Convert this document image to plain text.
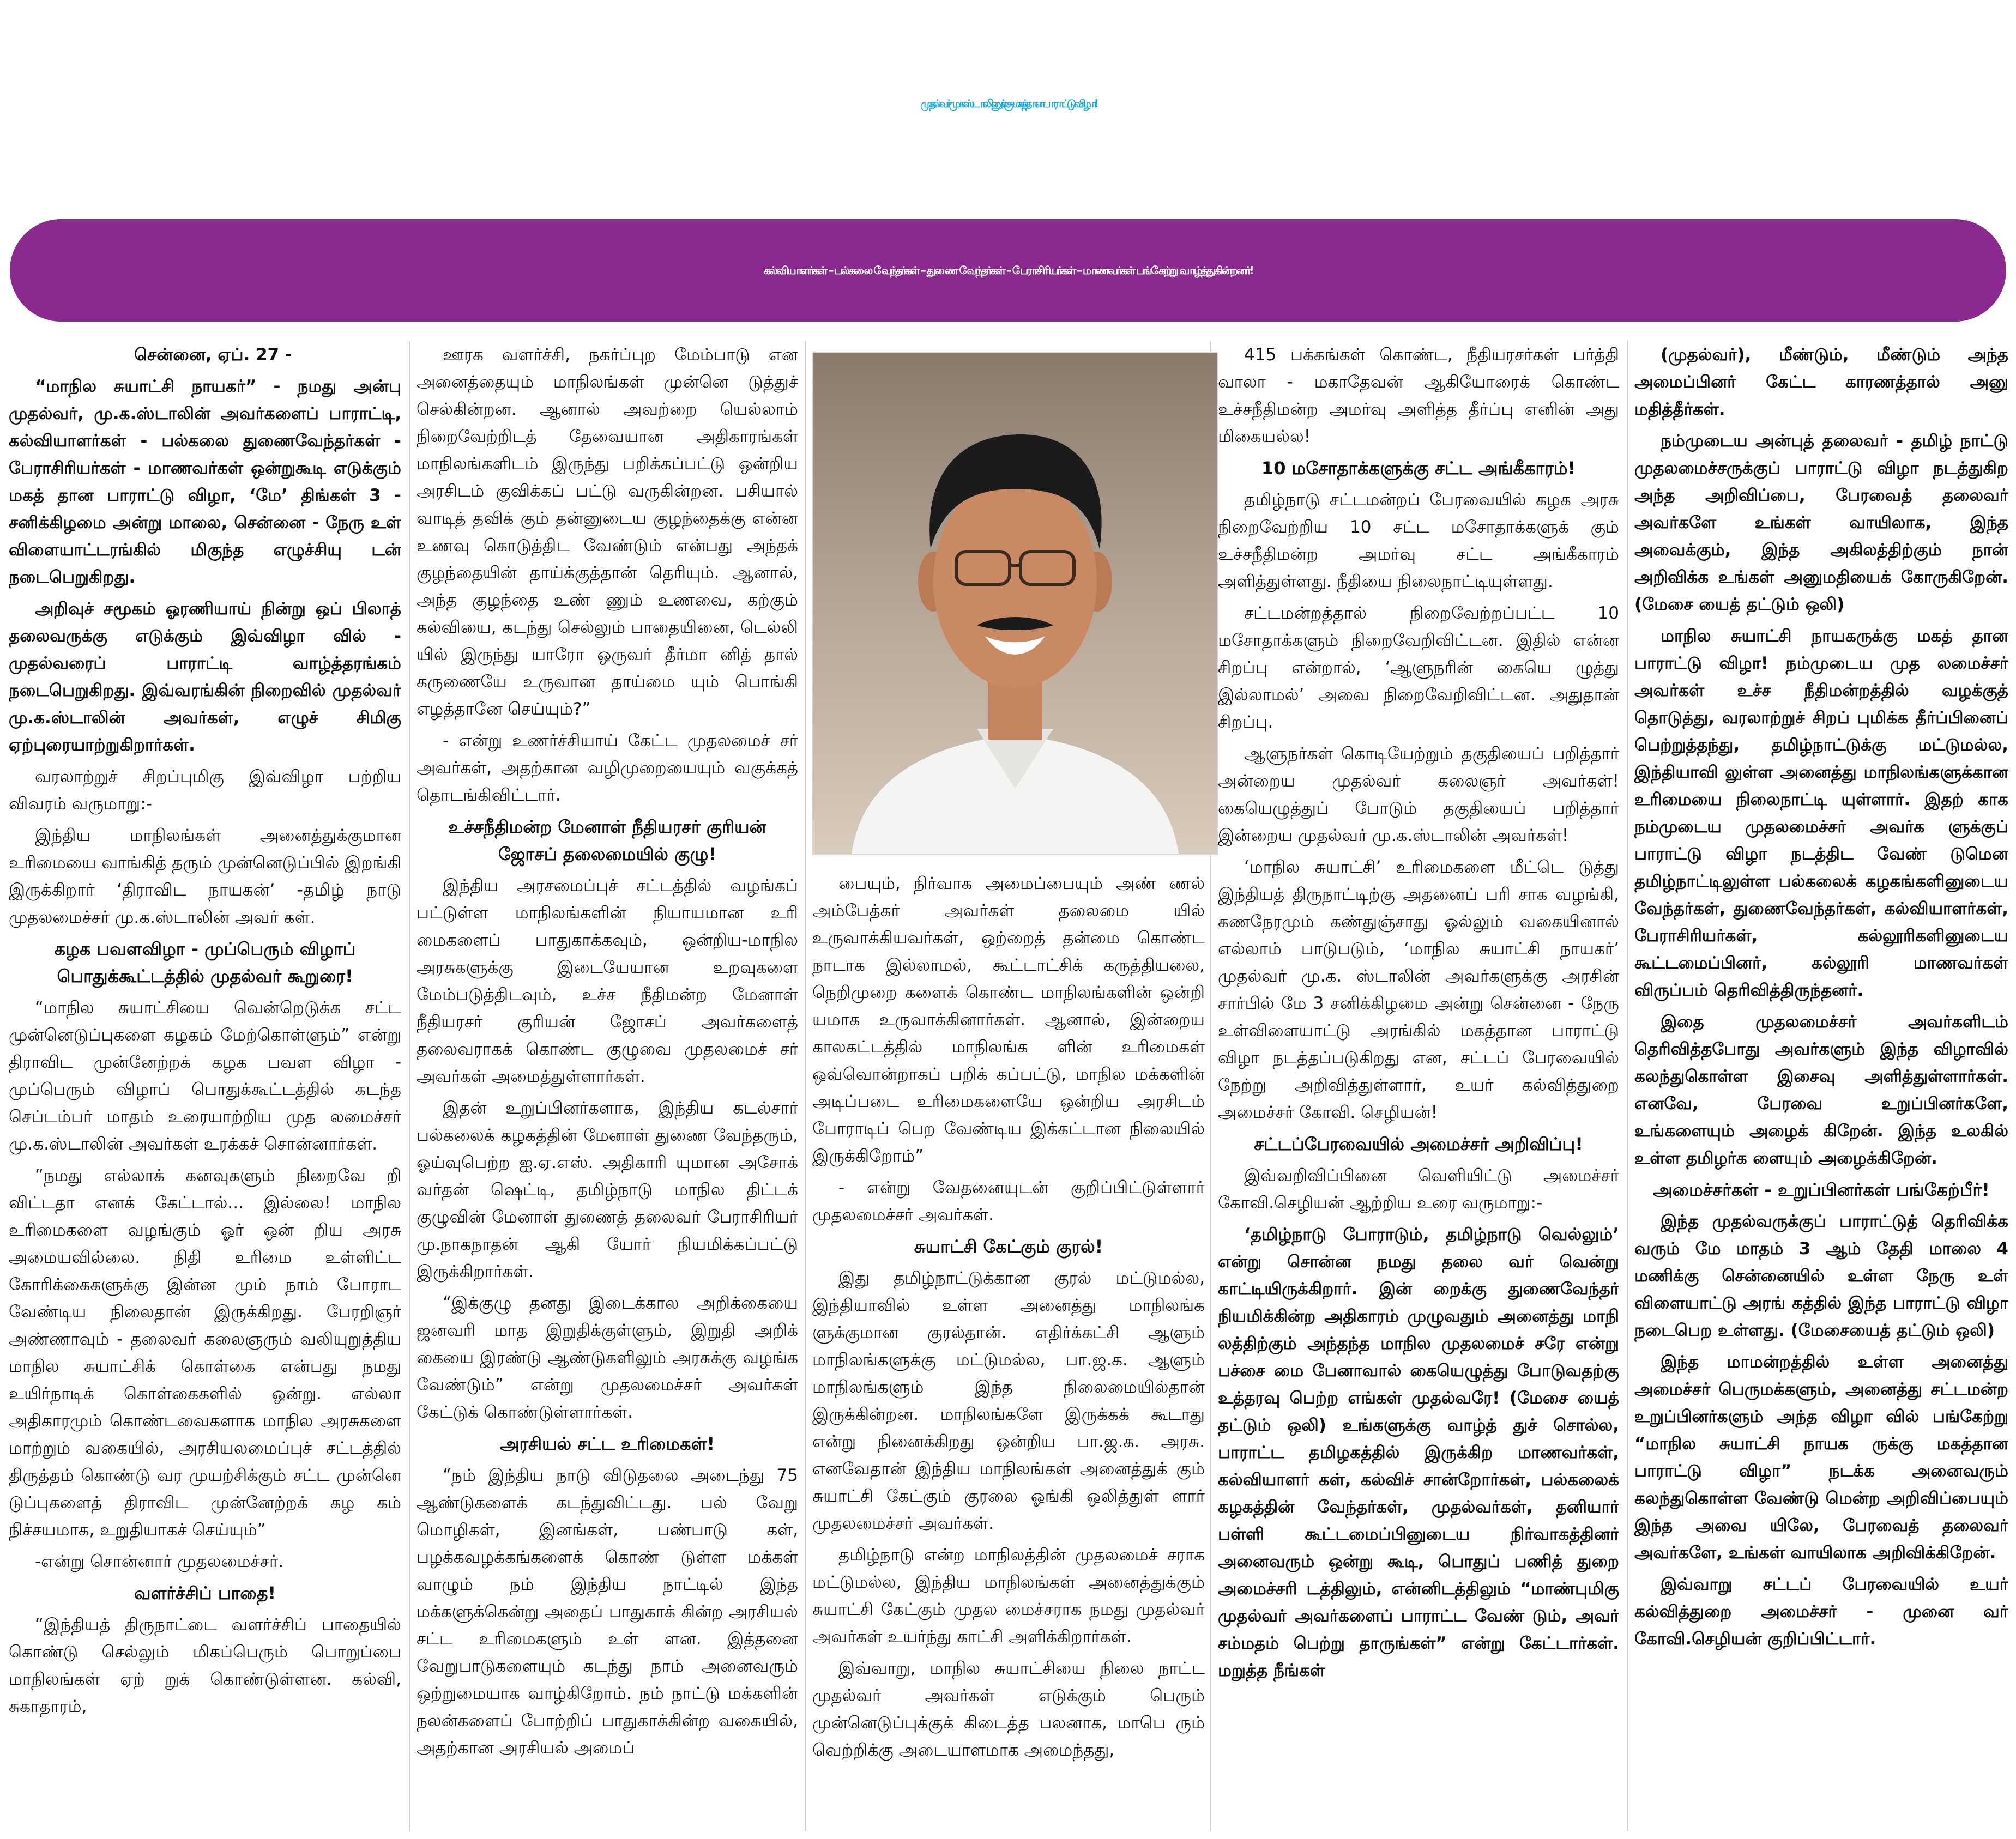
முதல்வர் மு.க.ஸ்டாலினுக்கு - மகத்தான பாராட்டு விழா!
கல்வியாளர்கள் – பல்கலை வேந்தர்கள் – துணை வேந்தர்கள் – பேராசிரியர்கள் – மாணவர்கள் பங்கேற்று வாழ்த்துகின்றனர்!

சென்னை, ஏப். 27 -

“மாநில சுயாட்சி நாயகர்” - நமது அன்பு முதல்வர், மு.க.ஸ்டாலின் அவர்களைப் பாராட்டி, கல்வியாளர்கள் - பல்கலை துணைவேந்தர்கள் - பேராசிரியர்கள் - மாணவர்கள் ஒன்றுகூடி எடுக்கும் மகத் தான பாராட்டு விழா, ‘மே’ திங்கள் 3 - சனிக்கிழமை அன்று மாலை, சென்னை - நேரு உள் விளையாட்டரங்கில் மிகுந்த எழுச்சியு டன் நடைபெறுகிறது.

அறிவுச் சமூகம் ஓரணியாய் நின்று ஒப் பிலாத் தலைவருக்கு எடுக்கும் இவ்விழா வில் - முதல்வரைப் பாராட்டி வாழ்த்தரங்கம் நடைபெறுகிறது. இவ்வரங்கின் நிறைவில் முதல்வர் மு.க.ஸ்டாலின் அவர்கள், எழுச் சிமிகு ஏற்புரையாற்றுகிறார்கள்.

வரலாற்றுச் சிறப்புமிகு இவ்விழா பற்றிய விவரம் வருமாறு:-

இந்திய மாநிலங்கள் அனைத்துக்குமான உரிமையை வாங்கித் தரும் முன்னெடுப்பில் இறங்கி இருக்கிறார் ‘திராவிட நாயகன்’ -தமிழ் நாடு முதலமைச்சர் மு.க.ஸ்டாலின் அவர் கள்.

கழக பவளவிழா - முப்பெரும் விழாப் பொதுக்கூட்டத்தில் முதல்வர் கூறுரை!

“மாநில சுயாட்சியை வென்றெடுக்க சட்ட முன்னெடுப்புகளை கழகம் மேற்கொள்ளும்” என்று திராவிட முன்னேற்றக் கழக பவள விழா - முப்பெரும் விழாப் பொதுக்கூட்டத்தில் கடந்த செப்டம்பர் மாதம் உரையாற்றிய முத லமைச்சர் மு.க.ஸ்டாலின் அவர்கள் உரக்கச் சொன்னார்கள்.

“நமது எல்லாக் கனவுகளும் நிறைவே றி விட்டதா எனக் கேட்டால்... இல்லை! மாநில உரிமைகளை வழங்கும் ஓர் ஒன் றிய அரசு அமையவில்லை. நிதி உரிமை உள்ளிட்ட கோரிக்கைகளுக்கு இன்ன மும் நாம் போராட வேண்டிய நிலைதான் இருக்கிறது. பேரறிஞர் அண்ணாவும் - தலைவர் கலைஞரும் வலியுறுத்திய மாநில சுயாட்சிக் கொள்கை என்பது நமது உயிர்நாடிக் கொள்கைகளில் ஒன்று. எல்லா அதிகாரமும் கொண்டவைகளாக மாநில அரசுகளை மாற்றும் வகையில், அரசியலமைப்புச் சட்டத்தில் திருத்தம் கொண்டு வர முயற்சிக்கும் சட்ட முன்னெ டுப்புகளைத் திராவிட முன்னேற்றக் கழ கம் நிச்சயமாக, உறுதியாகச் செய்யும்”

-என்று சொன்னார் முதலமைச்சர்.

வளர்ச்சிப் பாதை!

“இந்தியத் திருநாட்டை வளர்ச்சிப் பாதையில் கொண்டு செல்லும் மிகப்பெரும் பொறுப்பை மாநிலங்கள் ஏற் றுக் கொண்டுள்ளன. கல்வி, சுகாதாரம்,

ஊரக வளர்ச்சி, நகர்ப்புற மேம்பாடு என அனைத்தையும் மாநிலங்கள் முன்னெ டுத்துச் செல்கின்றன. ஆனால் அவற்றை யெல்லாம் நிறைவேற்றிடத் தேவையான அதிகாரங்கள் மாநிலங்களிடம் இருந்து பறிக்கப்பட்டு ஒன்றிய அரசிடம் குவிக்கப் பட்டு வருகின்றன. பசியால் வாடித் தவிக் கும் தன்னுடைய குழந்தைக்கு என்ன உணவு கொடுத்திட வேண்டும் என்பது அந்தக் குழந்தையின் தாய்க்குத்தான் தெரியும். ஆனால், அந்த குழந்தை உண் ணும் உணவை, கற்கும் கல்வியை, கடந்து செல்லும் பாதையினை, டெல்லி யில் இருந்து யாரோ ஒருவர் தீர்மா னித் தால் கருணையே உருவான தாய்மை யும் பொங்கி எழத்தானே செய்யும்?”

- என்று உணர்ச்சியாய் கேட்ட முதலமைச் சர் அவர்கள், அதற்கான வழிமுறையையும் வகுக்கத் தொடங்கிவிட்டார்.

உச்சநீதிமன்ற மேனாள் நீதியரசர் குரியன் ஜோசப் தலைமையில் குழு!

இந்திய அரசமைப்புச் சட்டத்தில் வழங்கப் பட்டுள்ள மாநிலங்களின் நியாயமான உரி மைகளைப் பாதுகாக்கவும், ஒன்றிய-மாநில அரசுகளுக்கு இடையேயான உறவுகளை மேம்படுத்திடவும், உச்ச நீதிமன்ற மேனாள் நீதியரசர் குரியன் ஜோசப் அவர்களைத் தலைவராகக் கொண்ட குழுவை முதலமைச் சர் அவர்கள் அமைத்துள்ளார்கள்.

இதன் உறுப்பினர்களாக, இந்திய கடல்சார் பல்கலைக் கழகத்தின் மேனாள் துணை வேந்தரும், ஓய்வுபெற்ற ஐ.ஏ.எஸ். அதிகாரி யுமான அசோக் வர்தன் ஷெட்டி, தமிழ்நாடு மாநில திட்டக் குழுவின் மேனாள் துணைத் தலைவர் பேராசிரியர் மு.நாகநாதன் ஆகி யோர் நியமிக்கப்பட்டு இருக்கிறார்கள்.

“இக்குழு தனது இடைக்கால அறிக்கையை ஜனவரி மாத இறுதிக்குள்ளும், இறுதி அறிக் கையை இரண்டு ஆண்டுகளிலும் அரசுக்கு வழங்க வேண்டும்” என்று முதலமைச்சர் அவர்கள் கேட்டுக் கொண்டுள்ளார்கள்.

அரசியல் சட்ட உரிமைகள்!

“நம் இந்திய நாடு விடுதலை அடைந்து 75 ஆண்டுகளைக் கடந்துவிட்டது. பல் வேறு மொழிகள், இனங்கள், பண்பாடு கள், பழக்கவழக்கங்களைக் கொண் டுள்ள மக்கள் வாழும் நம் இந்திய நாட்டில் இந்த மக்களுக்கென்று அதைப் பாதுகாக் கின்ற அரசியல் சட்ட உரிமைகளும் உள் ளன. இத்தனை வேறுபாடுகளையும் கடந்து நாம் அனைவரும் ஒற்றுமையாக வாழ்கிறோம். நம் நாட்டு மக்களின் நலன்களைப் போற்றிப் பாதுகாக்கின்ற வகையில், அதற்கான அரசியல் அமைப்

பையும், நிர்வாக அமைப்பையும் அண் ணல் அம்பேத்கர் அவர்கள் தலைமை யில் உருவாக்கியவர்கள், ஒற்றைத் தன்மை கொண்ட நாடாக இல்லாமல், கூட்டாட்சிக் கருத்தியலை, நெறிமுறை களைக் கொண்ட மாநிலங்களின் ஒன்றி யமாக உருவாக்கினார்கள். ஆனால், இன்றைய காலகட்டத்தில் மாநிலங்க ளின் உரிமைகள் ஒவ்வொன்றாகப் பறிக் கப்பட்டு, மாநில மக்களின் அடிப்படை உரிமைகளையே ஒன்றிய அரசிடம் போராடிப் பெற வேண்டிய இக்கட்டான நிலையில் இருக்கிறோம்”

- என்று வேதனையுடன் குறிப்பிட்டுள்ளார் முதலமைச்சர் அவர்கள்.

சுயாட்சி கேட்கும் குரல்!

இது தமிழ்நாட்டுக்கான குரல் மட்டுமல்ல, இந்தியாவில் உள்ள அனைத்து மாநிலங்க ளுக்குமான குரல்தான். எதிர்க்கட்சி ஆளும் மாநிலங்களுக்கு மட்டுமல்ல, பா.ஜ.க. ஆளும் மாநிலங்களும் இந்த நிலைமையில்தான் இருக்கின்றன. மாநிலங்களே இருக்கக் கூடாது என்று நினைக்கிறது ஒன்றிய பா.ஜ.க. அரசு. எனவேதான் இந்திய மாநிலங்கள் அனைத்துக் கும் சுயாட்சி கேட்கும் குரலை ஓங்கி ஒலித்துள் ளார் முதலமைச்சர் அவர்கள்.

தமிழ்நாடு என்ற மாநிலத்தின் முதலமைச் சராக மட்டுமல்ல, இந்திய மாநிலங்கள் அனைத்துக்கும் சுயாட்சி கேட்கும் முதல மைச்சராக நமது முதல்வர் அவர்கள் உயர்ந்து காட்சி அளிக்கிறார்கள்.

இவ்வாறு, மாநில சுயாட்சியை நிலை நாட்ட முதல்வர் அவர்கள் எடுக்கும் பெரும் முன்னெடுப்புக்குக் கிடைத்த பலனாக, மாபெ ரும் வெற்றிக்கு அடையாளமாக அமைந்தது,

415 பக்கங்கள் கொண்ட, நீதியரசர்கள் பர்த்தி வாலா - மகாதேவன் ஆகியோரைக் கொண்ட உச்சநீதிமன்ற அமர்வு அளித்த தீர்ப்பு எனின் அது மிகையல்ல!

10 மசோதாக்களுக்கு சட்ட அங்கீகாரம்!

தமிழ்நாடு சட்டமன்றப் பேரவையில் கழக அரசு நிறைவேற்றிய 10 சட்ட மசோதாக்களுக் கும் உச்சநீதிமன்ற அமர்வு சட்ட அங்கீகாரம் அளித்துள்ளது. நீதியை நிலைநாட்டியுள்ளது.

சட்டமன்றத்தால் நிறைவேற்றப்பட்ட 10 மசோதாக்களும் நிறைவேறிவிட்டன. இதில் என்ன சிறப்பு என்றால், ‘ஆளுநரின் கையெ ழுத்து இல்லாமல்’ அவை நிறைவேறிவிட்டன. அதுதான் சிறப்பு.

ஆளுநர்கள் கொடியேற்றும் தகுதியைப் பறித்தார் அன்றைய முதல்வர் கலைஞர் அவர்கள்! கையெழுத்துப் போடும் தகுதியைப் பறித்தார் இன்றைய முதல்வர் மு.க.ஸ்டாலின் அவர்கள்!

‘மாநில சுயாட்சி’ உரிமைகளை மீட்டெ டுத்து இந்தியத் திருநாட்டிற்கு அதனைப் பரி சாக வழங்கி, கணநேரமும் கண்துஞ்சாது ஓல்லும் வகையினால் எல்லாம் பாடுபடும், ‘மாநில சுயாட்சி நாயகர்’ முதல்வர் மு.க. ஸ்டாலின் அவர்களுக்கு அரசின் சார்பில் மே 3 சனிக்கிழமை அன்று சென்னை - நேரு உள்விளையாட்டு அரங்கில் மகத்தான பாராட்டு விழா நடத்தப்படுகிறது என, சட்டப் பேரவையில் நேற்று அறிவித்துள்ளார், உயர் கல்வித்துறை அமைச்சர் கோவி. செழியன்!

சட்டப்பேரவையில் அமைச்சர் அறிவிப்பு!

இவ்வறிவிப்பினை வெளியிட்டு அமைச்சர் கோவி.செழியன் ஆற்றிய உரை வருமாறு:-

‘தமிழ்நாடு போராடும், தமிழ்நாடு வெல்லும்’ என்று சொன்ன நமது தலை வர் வென்று காட்டியிருக்கிறார். இன் றைக்கு துணைவேந்தர் நியமிக்கின்ற அதிகாரம் முழுவதும் அனைத்து மாநி லத்திற்கும் அந்தந்த மாநில முதலமைச் சரே என்று பச்சை மை பேனாவால் கையெழுத்து போடுவதற்கு உத்தரவு பெற்ற எங்கள் முதல்வரே! (மேசை யைத் தட்டும் ஒலி) உங்களுக்கு வாழ்த் துச் சொல்ல, பாராட்ட தமிழகத்தில் இருக்கிற மாணவர்கள், கல்வியாளர் கள், கல்விச் சான்றோர்கள், பல்கலைக் கழகத்தின் வேந்தர்கள், முதல்வர்கள், தனியார் பள்ளி கூட்டமைப்பினுடைய நிர்வாகத்தினர் அனைவரும் ஒன்று கூடி, பொதுப் பணித் துறை அமைச்சரி டத்திலும், என்னிடத்திலும் “மாண்புமிகு முதல்வர் அவர்களைப் பாராட்ட வேண் டும், அவர் சம்மதம் பெற்று தாருங்கள்” என்று கேட்டார்கள். மறுத்த நீங்கள்

(முதல்வர்), மீண்டும், மீண்டும் அந்த அமைப்பினர் கேட்ட காரணத்தால் அனு மதித்தீர்கள்.

நம்முடைய அன்புத் தலைவர் - தமிழ் நாட்டு முதலமைச்சருக்குப் பாராட்டு விழா நடத்துகிற அந்த அறிவிப்பை, பேரவைத் தலைவர் அவர்களே உங்கள் வாயிலாக, இந்த அவைக்கும், இந்த அகிலத்திற்கும் நான் அறிவிக்க உங்கள் அனுமதியைக் கோருகிறேன். (மேசை யைத் தட்டும் ஒலி)

மாநில சுயாட்சி நாயகருக்கு மகத் தான பாராட்டு விழா! நம்முடைய முத லமைச்சர் அவர்கள் உச்ச நீதிமன்றத்தில் வழக்குத் தொடுத்து, வரலாற்றுச் சிறப் புமிக்க தீர்ப்பினைப் பெற்றுத்தந்து, தமிழ்நாட்டுக்கு மட்டுமல்ல, இந்தியாவி லுள்ள அனைத்து மாநிலங்களுக்கான உரிமையை நிலைநாட்டி யுள்ளார். இதற் காக நம்முடைய முதலமைச்சர் அவர்க ளுக்குப் பாராட்டு விழா நடத்திட வேண் டுமென தமிழ்நாட்டிலுள்ள பல்கலைக் கழகங்களினுடைய வேந்தர்கள், துணைவேந்தர்கள், கல்வியாளர்கள், பேராசிரியர்கள், கல்லூரிகளினுடைய கூட்டமைப்பினர், கல்லூரி மாணவர்கள் விருப்பம் தெரிவித்திருந்தனர்.

இதை முதலமைச்சர் அவர்களிடம் தெரிவித்தபோது அவர்களும் இந்த விழாவில் கலந்துகொள்ள இசைவு அளித்துள்ளார்கள். எனவே, பேரவை உறுப்பினர்களே, உங்களையும் அழைக் கிறேன். இந்த உலகில் உள்ள தமிழர்க ளையும் அழைக்கிறேன்.

அமைச்சர்கள் - உறுப்பினர்கள் பங்கேற்பீர்!

இந்த முதல்வருக்குப் பாராட்டுத் தெரிவிக்க வரும் மே மாதம் 3 ஆம் தேதி மாலை 4 மணிக்கு சென்னையில் உள்ள நேரு உள் விளையாட்டு அரங் கத்தில் இந்த பாராட்டு விழா நடைபெற உள்ளது. (மேசையைத் தட்டும் ஒலி)

இந்த மாமன்றத்தில் உள்ள அனைத்து அமைச்சர் பெருமக்களும், அனைத்து சட்டமன்ற உறுப்பினர்களும் அந்த விழா வில் பங்கேற்று “மாநில சுயாட்சி நாயக ருக்கு மகத்தான பாராட்டு விழா” நடக்க அனைவரும் கலந்துகொள்ள வேண்டு மென்ற அறிவிப்பையும் இந்த அவை யிலே, பேரவைத் தலைவர் அவர்களே, உங்கள் வாயிலாக அறிவிக்கிறேன்.

இவ்வாறு சட்டப் பேரவையில் உயர் கல்வித்துறை அமைச்சர் - முனை வர் கோவி.செழியன் குறிப்பிட்டார்.
